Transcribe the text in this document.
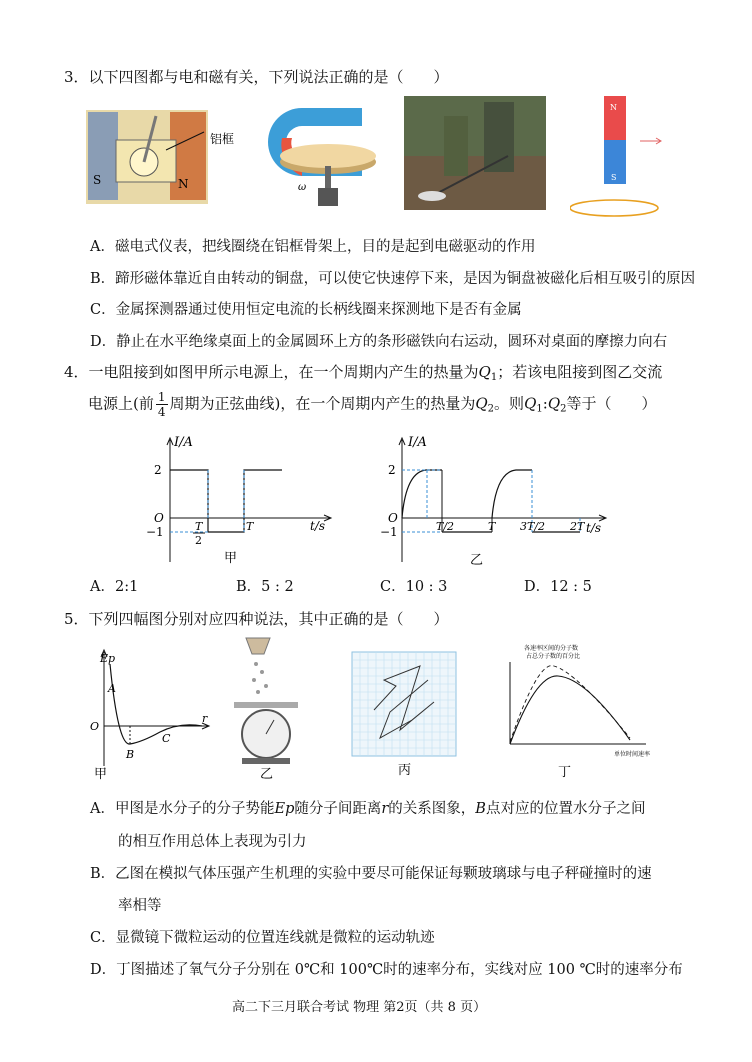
3．以下四图都与电和磁有关，下列说法正确的是（　　）
S	N
铝框
ω
N
S
A．磁电式仪表，把线圈绕在铝框骨架上，目的是起到电磁驱动的作用
B．蹄形磁体靠近自由转动的铜盘，可以使它快速停下来，是因为铜盘被磁化后相互吸引的原因
C．金属探测器通过使用恒定电流的长柄线圈来探测地下是否有金属
D．静止在水平绝缘桌面上的金属圆环上方的条形磁铁向右运动，圆环对桌面的摩擦力向右
4．一电阻接到如图甲所示电源上，在一个周期内产生的热量为$Q_1$；若该电阻接到图乙交流
电源上(前 $\frac{1}{4}$ 周期为正弦曲线)，在一个周期内产生的热量为$Q_2$。则$Q_1:Q_2$等于（　　）
I/A
2
−1
O
t/s
T
2
T
甲
I/A
2
−1
O
t/s
T/2	T 3T/2 2T
乙
A．2:1	B．5 : 2	C．10 : 3	D．12 : 5
5．下列四幅图分别对应四种说法，其中正确的是（　　）
Ep
O
r
A
B
C
甲	乙	丙
各速率区间的分子数
占总分子数的百分比
单位时间速率
丁
A．甲图是水分子的分子势能Ep随分子间距离r的关系图象，B点对应的位置水分子之间
的相互作用总体上表现为引力
B．乙图在模拟气体压强产生机理的实验中要尽可能保证每颗玻璃球与电子秤碰撞时的速
率相等
C．显微镜下微粒运动的位置连线就是微粒的运动轨迹
D．丁图描述了氧气分子分别在 0℃和 100℃时的速率分布，实线对应 100 ℃时的速率分布
高二下三月联合考试 物理 第2页（共 8 页）
